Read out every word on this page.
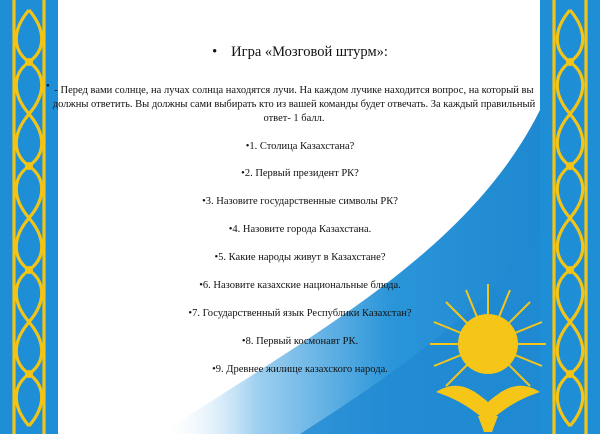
• Игра «Мозговой штурм»:
• - Перед вами солнце, на лучах солнца находятся лучи. На каждом лучике находится вопрос, на который вы должны ответить. Вы должны сами выбирать кто из вашей команды будет отвечать. За каждый правильный ответ- 1 балл.
•1. Столица Казахстана?
•2. Первый президент РК?
•3. Назовите государственные символы РК?
•4. Назовите города Казахстана.
•5. Какие народы живут в Казахстане?
•6. Назовите казахские национальные блюда.
•7. Государственный язык Республики Казахстан?
•8. Первый космонавт РК.
•9. Древнее жилище казахского народа.
